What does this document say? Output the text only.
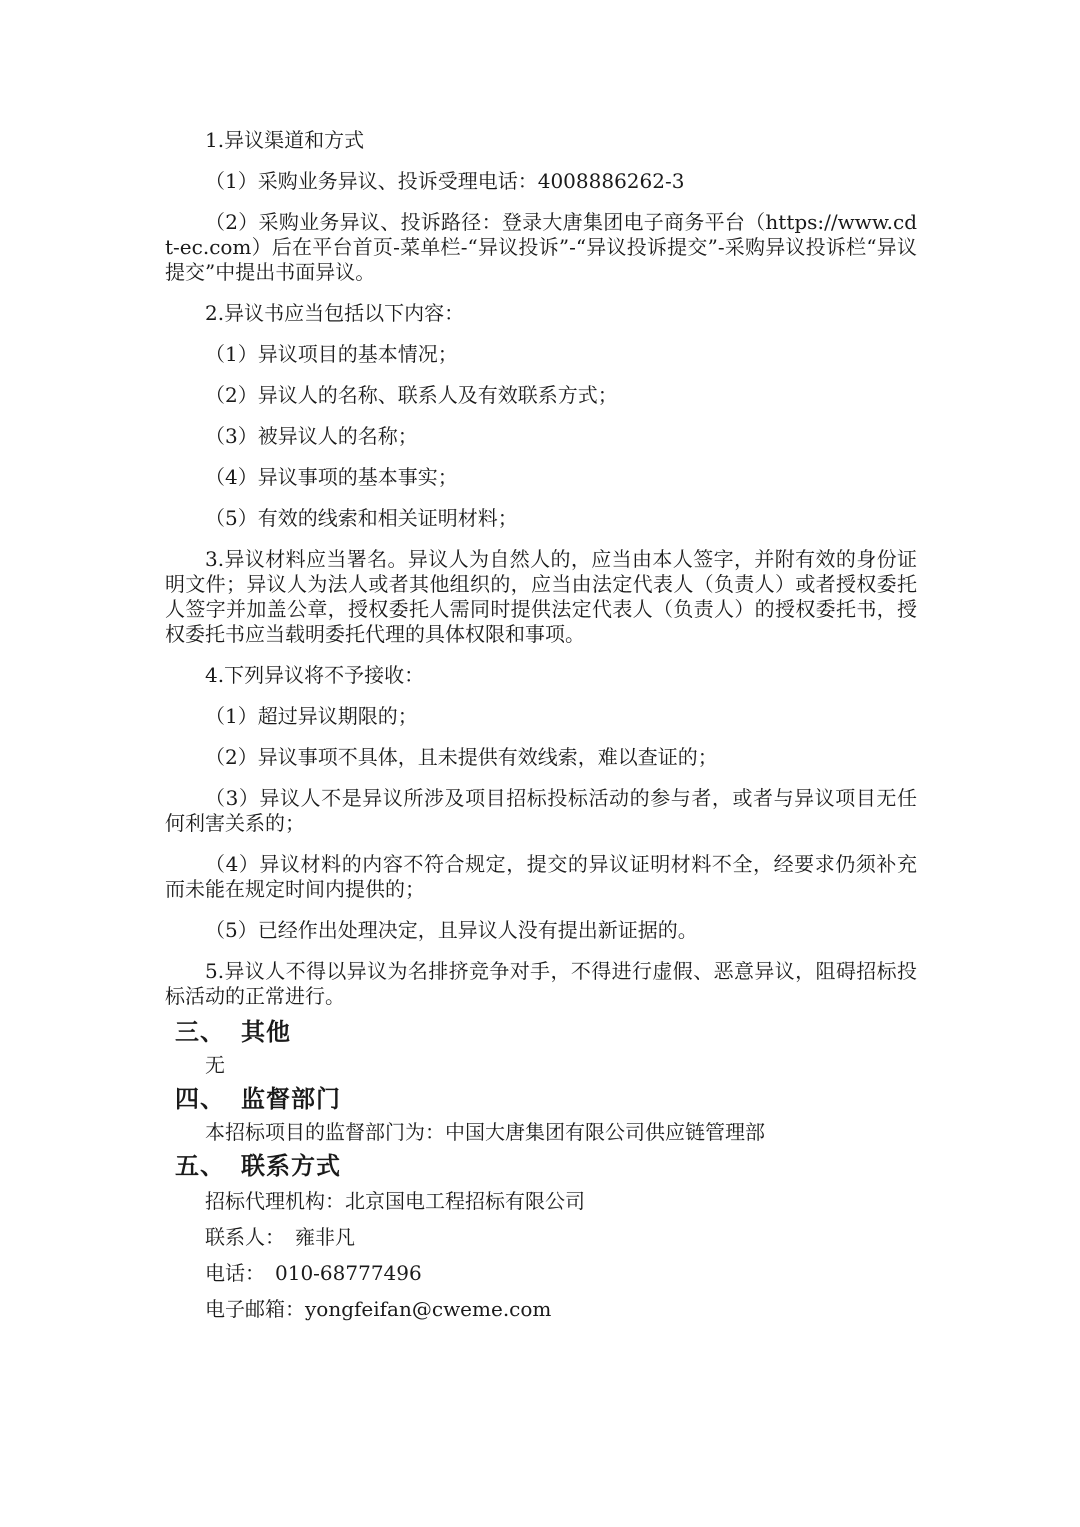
1.异议渠道和方式

（1）采购业务异议、投诉受理电话：4008886262-3

（2）采购业务异议、投诉路径：登录大唐集团电子商务平台（https://www.cdt-ec.com）后在平台首页-菜单栏-“异议投诉”-“异议投诉提交”-采购异议投诉栏“异议提交”中提出书面异议。

2.异议书应当包括以下内容：

（1）异议项目的基本情况；

（2）异议人的名称、联系人及有效联系方式；

（3）被异议人的名称；

（4）异议事项的基本事实；

（5）有效的线索和相关证明材料；

3.异议材料应当署名。异议人为自然人的，应当由本人签字，并附有效的身份证明文件；异议人为法人或者其他组织的，应当由法定代表人（负责人）或者授权委托人签字并加盖公章，授权委托人需同时提供法定代表人（负责人）的授权委托书，授权委托书应当载明委托代理的具体权限和事项。

4.下列异议将不予接收：

（1）超过异议期限的；

（2）异议事项不具体，且未提供有效线索，难以查证的；

（3）异议人不是异议所涉及项目招标投标活动的参与者，或者与异议项目无任何利害关系的；

（4）异议材料的内容不符合规定，提交的异议证明材料不全，经要求仍须补充而未能在规定时间内提供的；

（5）已经作出处理决定，且异议人没有提出新证据的。

5.异议人不得以异议为名排挤竞争对手，不得进行虚假、恶意异议，阻碍招标投标活动的正常进行。

三、 其他

无

四、 监督部门

本招标项目的监督部门为：中国大唐集团有限公司供应链管理部

五、 联系方式

招标代理机构：北京国电工程招标有限公司

联系人：　雍非凡

电话：　010-68777496

电子邮箱：yongfeifan@cweme.com
